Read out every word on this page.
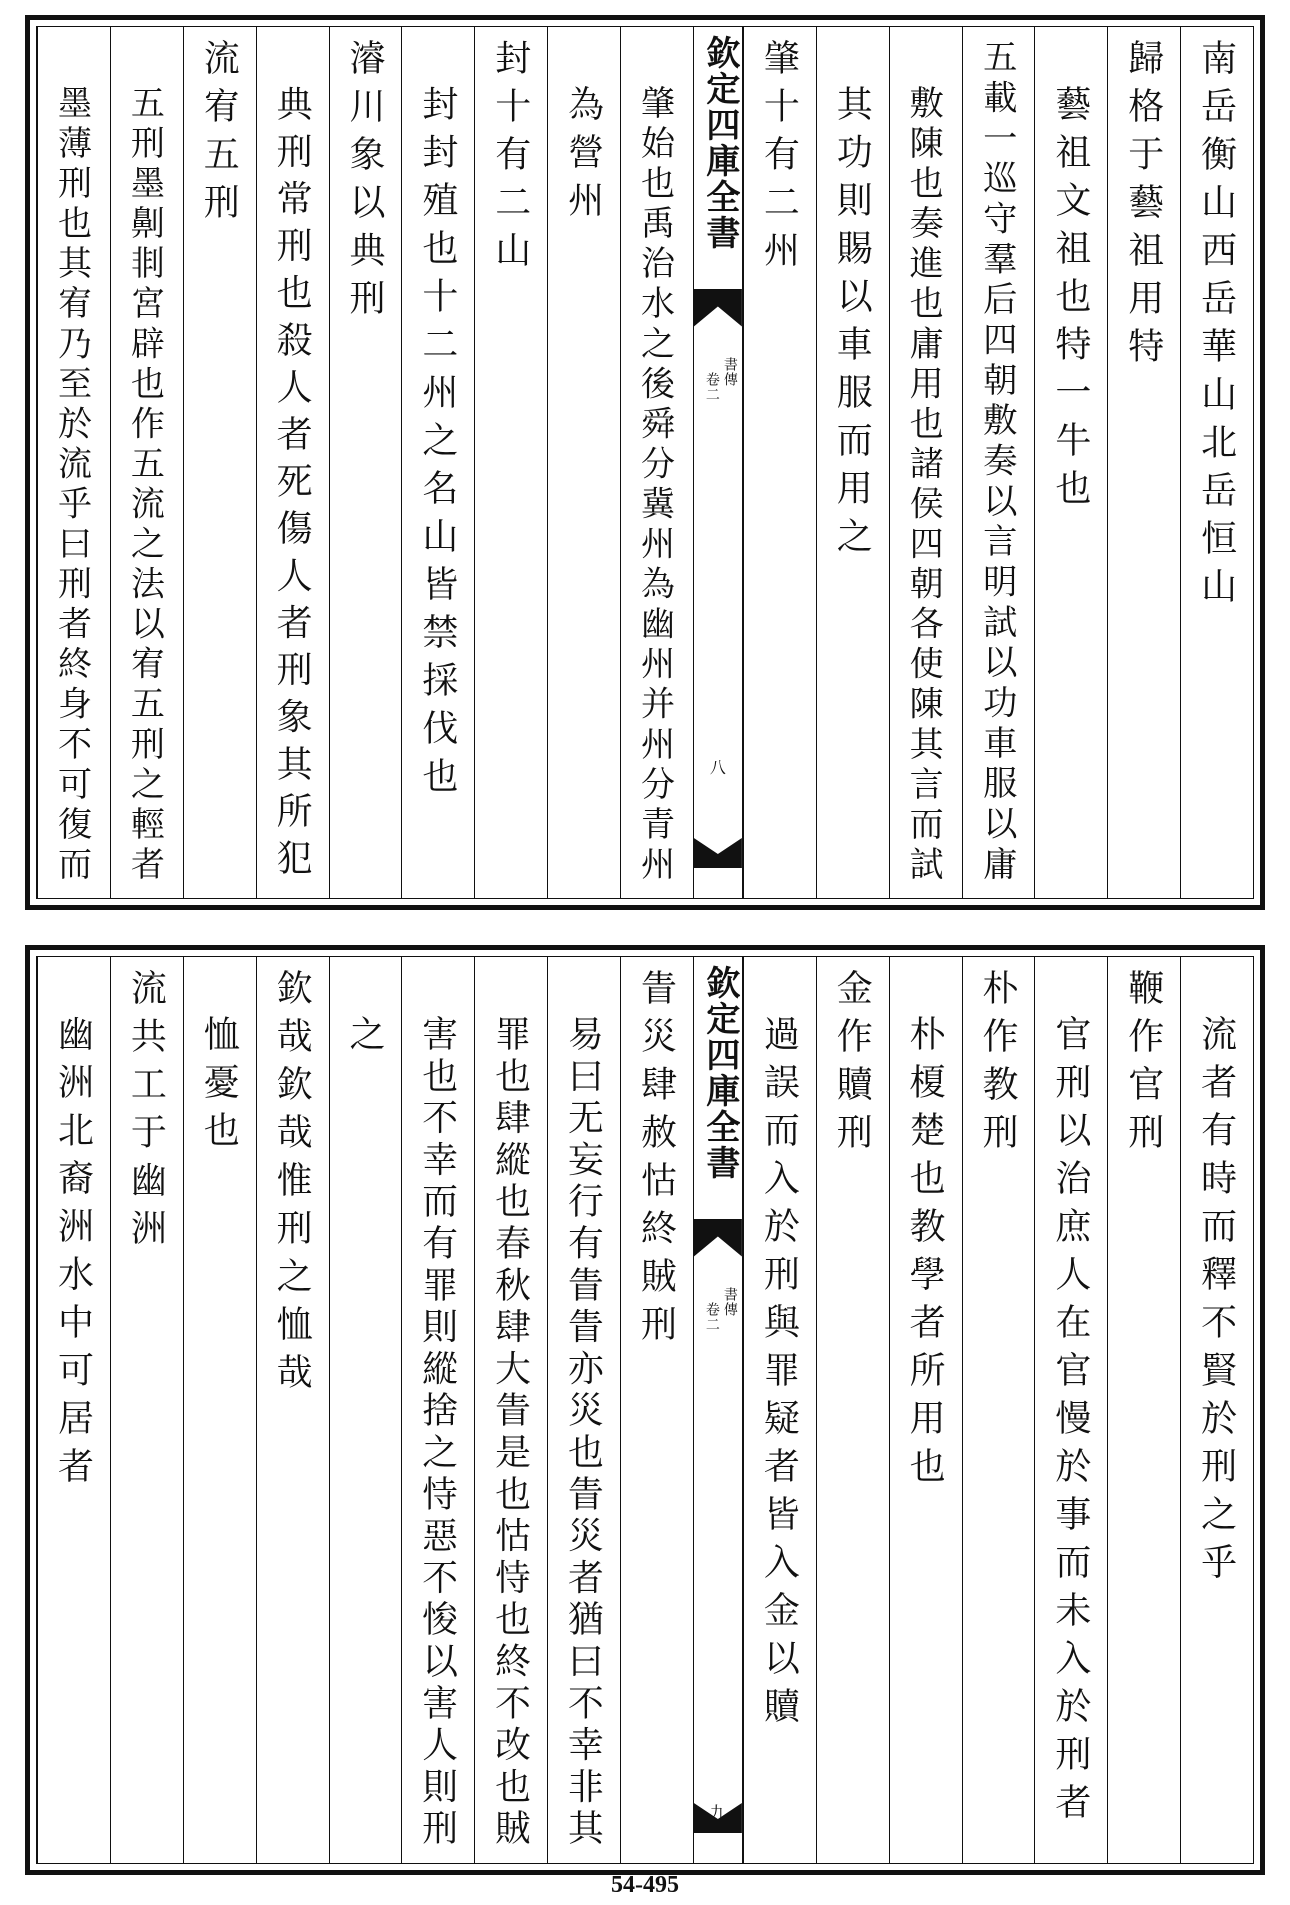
南岳衡山西岳華山北岳恒山
歸格于藝祖用特
藝祖文祖也特一牛也
五載一巡守羣后四朝敷奏以言明試以功車服以庸
敷陳也奏進也庸用也諸侯四朝各使陳其言而試
其功則賜以車服而用之
肇十有二州
肇始也禹治水之後舜分冀州為幽州并州分青州
為營州
封十有二山
封封殖也十二州之名山皆禁採伐也
濬川象以典刑
典刑常刑也殺人者死傷人者刑象其所犯
流宥五刑
五刑墨劓剕宮辟也作五流之法以宥五刑之輕者
墨薄刑也其宥乃至於流乎曰刑者終身不可復而	欽定四庫全書
書傳
卷二
八
流者有時而釋不賢於刑之乎
鞭作官刑
官刑以治庶人在官慢於事而未入於刑者
朴作教刑
朴榎楚也教學者所用也
金作贖刑
過誤而入於刑與罪疑者皆入金以贖
眚災肆赦怙終賊刑
易曰无妄行有眚眚亦災也眚災者猶曰不幸非其
罪也肆縱也春秋肆大眚是也怙恃也終不改也賊
害也不幸而有罪則縱捨之恃惡不悛以害人則刑
之
欽哉欽哉惟刑之恤哉
恤憂也
流共工于幽洲
幽洲北裔洲水中可居者	欽定四庫全書
書傳
卷二
九
54-495
